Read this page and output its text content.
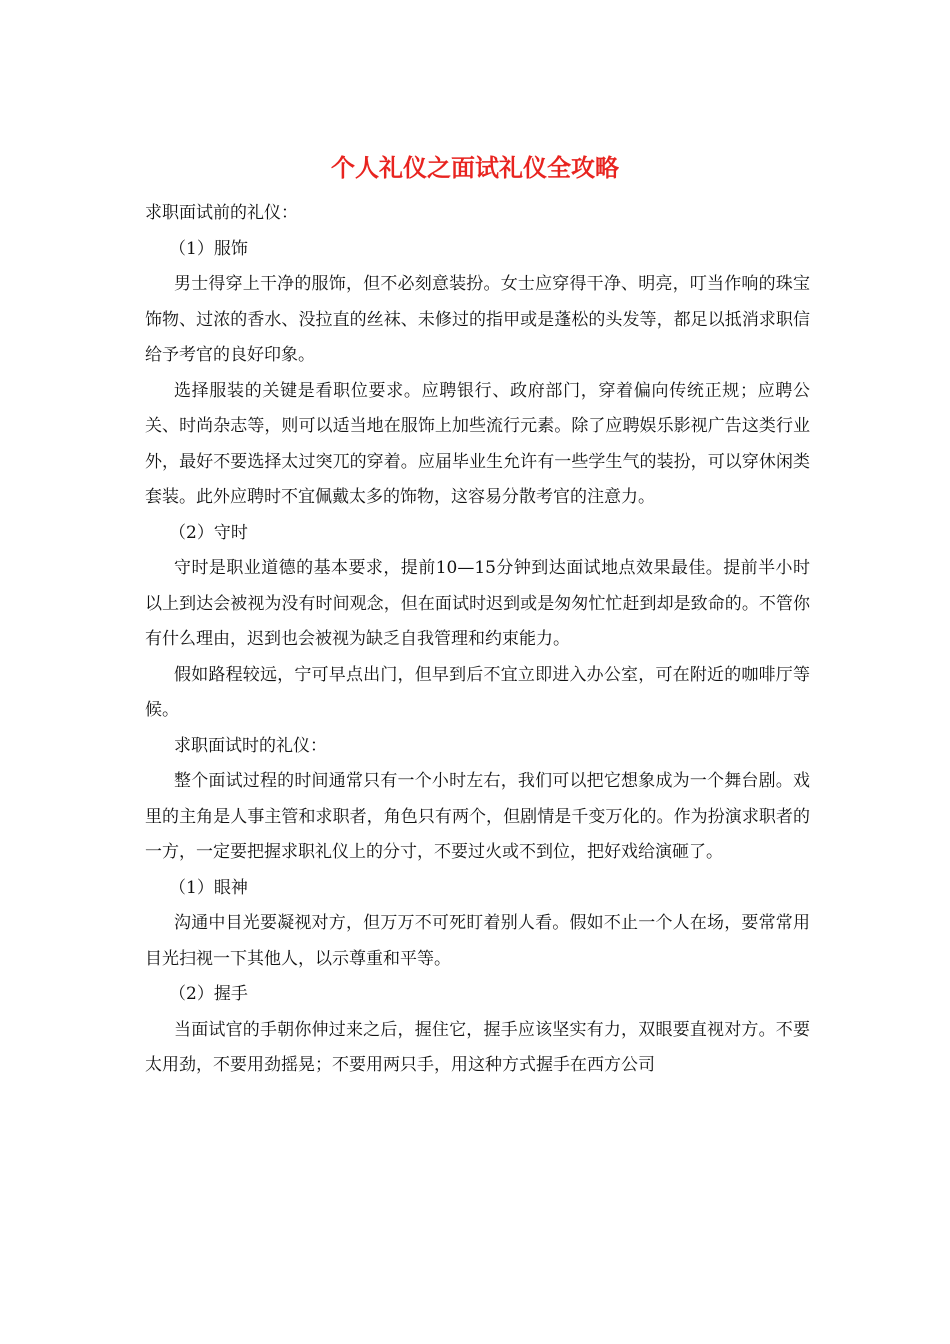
个人礼仪之面试礼仪全攻略

求职面试前的礼仪：

（1）服饰

男士得穿上干净的服饰，但不必刻意装扮。女士应穿得干净、明亮，叮当作响的珠宝饰物、过浓的香水、没拉直的丝袜、未修过的指甲或是蓬松的头发等，都足以抵消求职信给予考官的良好印象。

选择服装的关键是看职位要求。应聘银行、政府部门，穿着偏向传统正规；应聘公关、时尚杂志等，则可以适当地在服饰上加些流行元素。除了应聘娱乐影视广告这类行业外，最好不要选择太过突兀的穿着。应届毕业生允许有一些学生气的装扮，可以穿休闲类套装。此外应聘时不宜佩戴太多的饰物，这容易分散考官的注意力。

（2）守时

守时是职业道德的基本要求，提前10—15分钟到达面试地点效果最佳。提前半小时以上到达会被视为没有时间观念，但在面试时迟到或是匆匆忙忙赶到却是致命的。不管你有什么理由，迟到也会被视为缺乏自我管理和约束能力。

假如路程较远，宁可早点出门，但早到后不宜立即进入办公室，可在附近的咖啡厅等候。

求职面试时的礼仪：

整个面试过程的时间通常只有一个小时左右，我们可以把它想象成为一个舞台剧。戏里的主角是人事主管和求职者，角色只有两个，但剧情是千变万化的。作为扮演求职者的一方，一定要把握求职礼仪上的分寸，不要过火或不到位，把好戏给演砸了。

（1）眼神

沟通中目光要凝视对方，但万万不可死盯着别人看。假如不止一个人在场，要常常用目光扫视一下其他人，以示尊重和平等。

（2）握手

当面试官的手朝你伸过来之后，握住它，握手应该坚实有力，双眼要直视对方。不要太用劲，不要用劲摇晃；不要用两只手，用这种方式握手在西方公司
